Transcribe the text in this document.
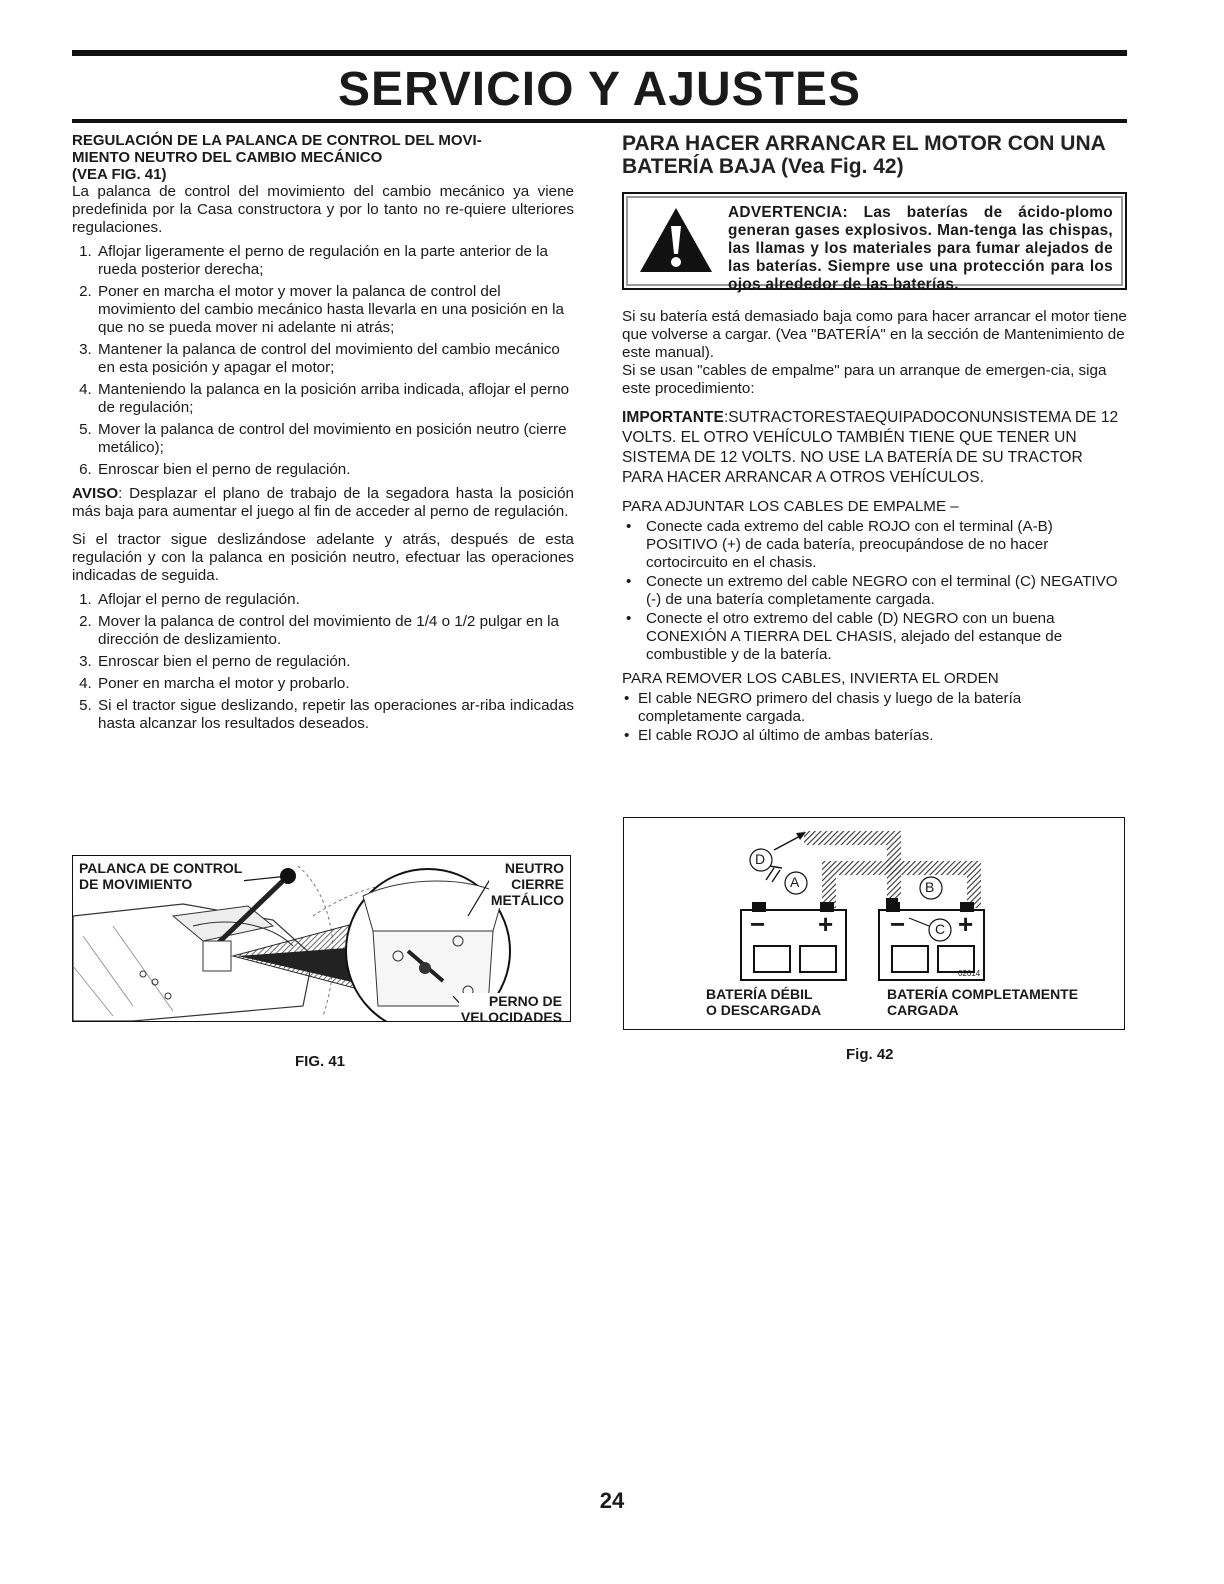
SERVICIO Y AJUSTES
REGULACIÓN DE LA PALANCA DE CONTROL DEL MOVI-
MIENTO NEUTRO DEL CAMBIO MECÁNICO
(VEA FIG. 41)

La palanca de control del movimiento del cambio mecánico ya viene predefinida por la Casa constructora y por lo tanto no re-quiere ulteriores regulaciones.

1. Aflojar ligeramente el perno de regulación en la parte anterior de la rueda posterior derecha;
2. Poner en marcha el motor y mover la palanca de control del movimiento del cambio mecánico hasta llevarla en una posición en la que no se pueda mover ni adelante ni atrás;
3. Mantener la palanca de control del movimiento del cambio mecánico en esta posición y apagar el motor;
4. Manteniendo la palanca en la posición arriba indicada, aflojar el perno de regulación;
5. Mover la palanca de control del movimiento en posición neutro (cierre metálico);
6. Enroscar bien el perno de regulación.

AVISO: Desplazar el plano de trabajo de la segadora hasta la posición más baja para aumentar el juego al fin de acceder al perno de regulación.

Si el tractor sigue deslizándose adelante y atrás, después de esta regulación y con la palanca en posición neutro, efectuar las operaciones indicadas de seguida.

1. Aflojar el perno de regulación.
2. Mover la palanca de control del movimiento de 1/4 o 1/2 pulgar en la dirección de deslizamiento.
3. Enroscar bien el perno de regulación.
4. Poner en marcha el motor y probarlo.
5. Si el tractor sigue deslizando, repetir las operaciones ar-riba indicadas hasta alcanzar los resultados deseados.
PARA HACER ARRANCAR EL MOTOR CON UNA BATERÍA BAJA (Vea Fig. 42)
ADVERTENCIA: Las baterías de ácido-plomo generan gases explosivos. Man-tenga las chispas, las llamas y los materiales para fumar alejados de las baterías. Siempre use una protección para los ojos alrededor de las baterías.

Si su batería está demasiado baja como para hacer arrancar el motor tiene que volverse a cargar. (Vea "BATERÍA" en la sección de Mantenimiento de este manual).

Si se usan "cables de empalme" para un arranque de emergen-cia, siga este procedimiento:

IMPORTANTE:SUTRACTORESTAEQUIPADOCONUNSISTEMA DE 12 VOLTS. EL OTRO VEHÍCULO TAMBIÉN TIENE QUE TENER UN SISTEMA DE 12 VOLTS. NO USE LA BATERÍA DE SU TRACTOR PARA HACER ARRANCAR A OTROS VEHÍCULOS.

PARA ADJUNTAR LOS CABLES DE EMPALME –
• Conecte cada extremo del cable ROJO con el terminal (A-B) POSITIVO (+) de cada batería, preocupándose de no hacer cortocircuito en el chasis.
• Conecte un extremo del cable NEGRO con el terminal (C) NEGATIVO (-) de una batería completamente cargada.
• Conecte el otro extremo del cable (D) NEGRO con un buena CONEXIÓN A TIERRA DEL CHASIS, alejado del estanque de combustible y de la batería.
PARA REMOVER LOS CABLES, INVIERTA EL ORDEN
• El cable NEGRO primero del chasis y luego de la batería completamente cargada.
• El cable ROJO al último de ambas baterías.
PALANCA DE CONTROL
DE MOVIMIENTO
NEUTRO
CIERRE
METÁLICO
PERNO DE
VELOCIDADES
FIG. 41
D
A	B
C
− + − +
02614
BATERÍA DÉBIL
O DESCARGADA
BATERÍA COMPLETAMENTE
CARGADA
Fig. 42
24
